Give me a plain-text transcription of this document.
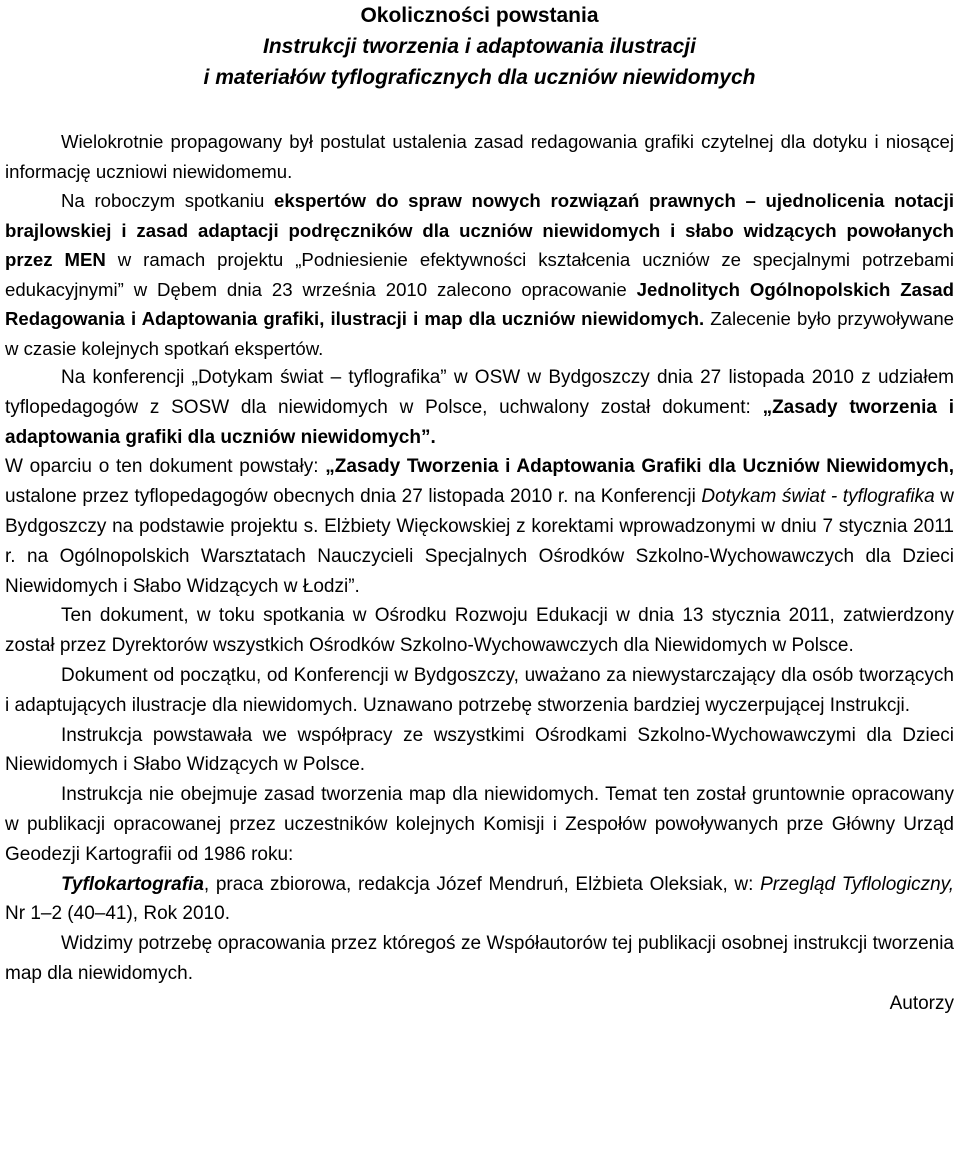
Okoliczności powstania
Instrukcji tworzenia i adaptowania ilustracji
i materiałów tyflograficznych dla uczniów niewidomych

Wielokrotnie propagowany był postulat ustalenia zasad redagowania grafiki czytelnej dla dotyku i niosącej informację uczniowi niewidomemu.

Na roboczym spotkaniu ekspertów do spraw nowych rozwiązań prawnych – ujednolicenia notacji brajlowskiej i zasad adaptacji podręczników dla uczniów niewidomych i słabo widzących powołanych przez MEN w ramach projektu „Podniesienie efektywności kształcenia uczniów ze specjalnymi potrzebami edukacyjnymi” w Dębem dnia 23 września 2010 zalecono opracowanie Jednolitych Ogólnopolskich Zasad Redagowania i Adaptowania grafiki, ilustracji i map dla uczniów niewidomych. Zalecenie było przywoływane w czasie kolejnych spotkań ekspertów.

Na konferencji „Dotykam świat – tyflografika” w OSW w Bydgoszczy dnia 27 listopada 2010 z udziałem tyflopedagogów z SOSW dla niewidomych w Polsce, uchwalony został dokument: „Zasady tworzenia i adaptowania grafiki dla uczniów niewidomych”.

W oparciu o ten dokument powstały: „Zasady Tworzenia i Adaptowania Grafiki dla Uczniów Niewidomych, ustalone przez tyflopedagogów obecnych dnia 27 listopada 2010 r. na Konferencji Dotykam świat - tyflografika w Bydgoszczy na podstawie projektu s. Elżbiety Więckowskiej z korektami wprowadzonymi w dniu 7 stycznia 2011 r. na Ogólnopolskich Warsztatach Nauczycieli Specjalnych Ośrodków Szkolno-Wychowawczych dla Dzieci Niewidomych i Słabo Widzących w Łodzi”.

Ten dokument, w toku spotkania w Ośrodku Rozwoju Edukacji w dnia 13 stycznia 2011, zatwierdzony został przez Dyrektorów wszystkich Ośrodków Szkolno-Wychowawczych dla Niewidomych w Polsce.

Dokument od początku, od Konferencji w Bydgoszczy, uważano za niewystarczający dla osób tworzących i adaptujących ilustracje dla niewidomych. Uznawano potrzebę stworzenia bardziej wyczerpującej Instrukcji.

Instrukcja powstawała we współpracy ze wszystkimi Ośrodkami Szkolno-Wychowawczymi dla Dzieci Niewidomych i Słabo Widzących w Polsce.

Instrukcja nie obejmuje zasad tworzenia map dla niewidomych. Temat ten został gruntownie opracowany w publikacji opracowanej przez uczestników kolejnych Komisji i Zespołów powoływanych prze Główny Urząd Geodezji Kartografii od 1986 roku:

Tyflokartografia, praca zbiorowa, redakcja Józef Mendruń, Elżbieta Oleksiak, w: Przegląd Tyflologiczny, Nr 1–2 (40–41), Rok 2010.

Widzimy potrzebę opracowania przez któregoś ze Współautorów tej publikacji osobnej instrukcji tworzenia map dla niewidomych.

Autorzy
